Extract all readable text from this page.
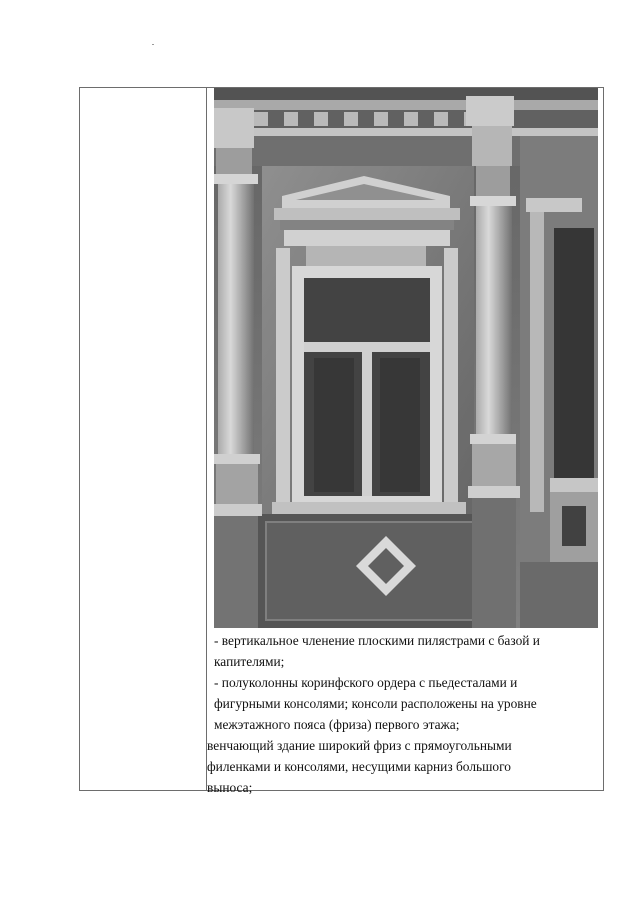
- вертикальное членение плоскими пилястрами с базой и
капителями;

- полуколонны коринфского ордера с пьедесталами и
фигурными консолями; консоли расположены на уровне
межэтажного пояса (фриза) первого этажа;

венчающий здание широкий фриз с прямоугольными
филенками и консолями, несущими карниз большого
выноса;
